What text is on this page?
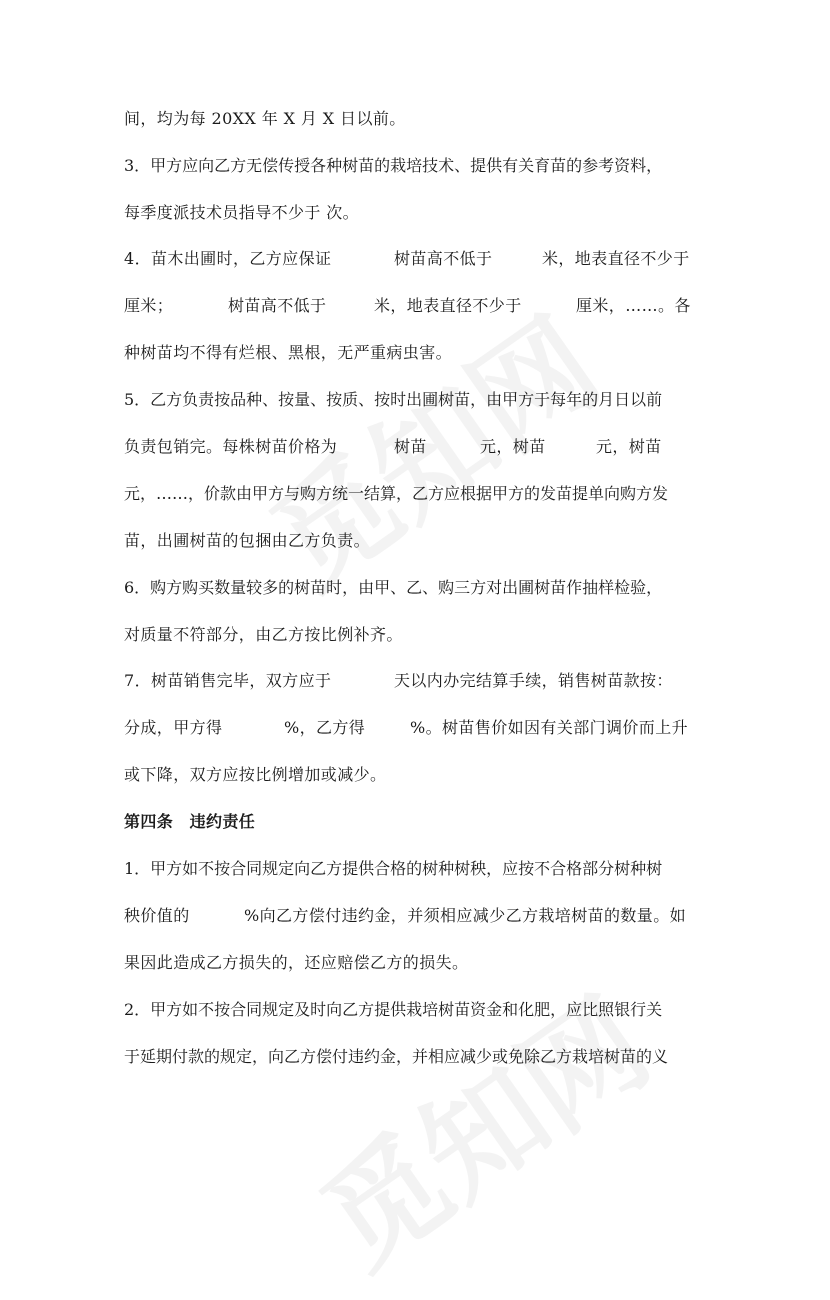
间，均为每 20XX 年 X 月 X 日以前。
3．甲方应向乙方无偿传授各种树苗的栽培技术、提供有关育苗的参考资料，
每季度派技术员指导不少于 次。
4．苗木出圃时，乙方应保证	树苗高不低于	米，地表直径不少于
厘米；	树苗高不低于	米，地表直径不少于	厘米，……。各
种树苗均不得有烂根、黑根，无严重病虫害。
5．乙方负责按品种、按量、按质、按时出圃树苗，由甲方于每年的月日以前
负责包销完。每株树苗价格为	树苗	元，树苗	元，树苗
元，……，价款由甲方与购方统一结算，乙方应根据甲方的发苗提单向购方发
苗，出圃树苗的包捆由乙方负责。
6．购方购买数量较多的树苗时，由甲、乙、购三方对出圃树苗作抽样检验，
对质量不符部分，由乙方按比例补齐。
7．树苗销售完毕，双方应于	天以内办完结算手续，销售树苗款按：
分成，甲方得	%，乙方得	%。树苗售价如因有关部门调价而上升
或下降，双方应按比例增加或减少。
第四条　违约责任
1．甲方如不按合同规定向乙方提供合格的树种树秧，应按不合格部分树种树
秧价值的	%向乙方偿付违约金，并须相应减少乙方栽培树苗的数量。如
果因此造成乙方损失的，还应赔偿乙方的损失。
2．甲方如不按合同规定及时向乙方提供栽培树苗资金和化肥，应比照银行关
于延期付款的规定，向乙方偿付违约金，并相应减少或免除乙方栽培树苗的义
